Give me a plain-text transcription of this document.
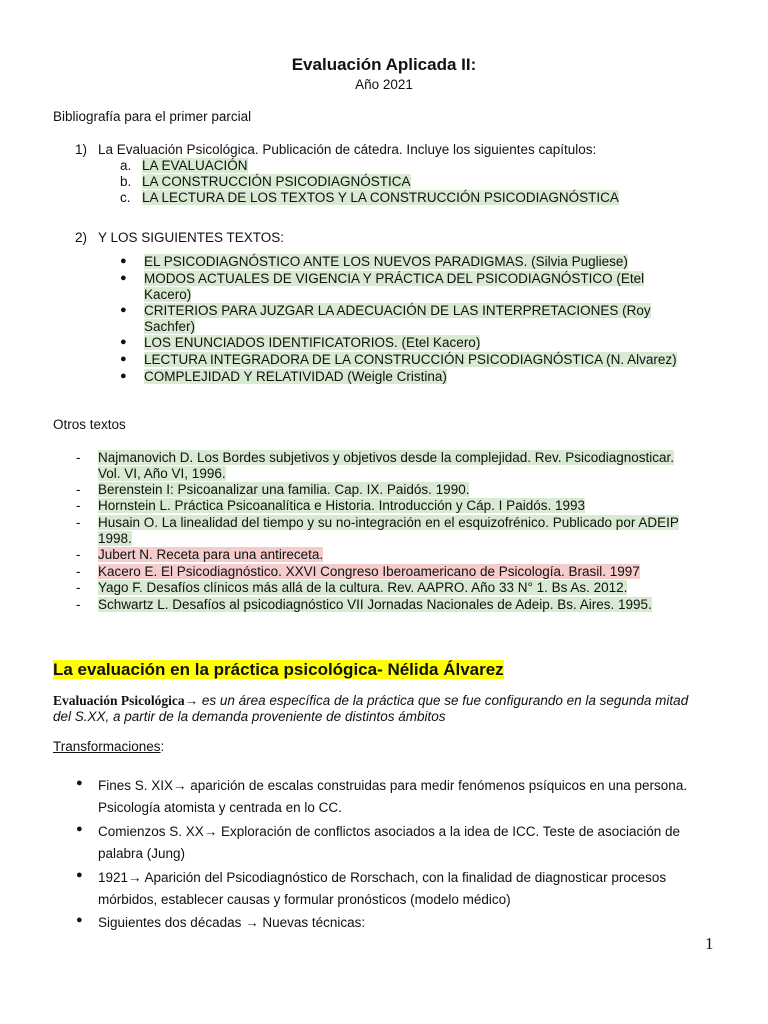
Evaluación Aplicada II:
Año 2021
Bibliografía para el primer parcial
1) La Evaluación Psicológica. Publicación de cátedra. Incluye los siguientes capítulos:
a. LA EVALUACIÓN
b. LA CONSTRUCCIÓN PSICODIAGNÓSTICA
c. LA LECTURA DE LOS TEXTOS Y LA CONSTRUCCIÓN PSICODIAGNÓSTICA
2) Y LOS SIGUIENTES TEXTOS:
● EL PSICODIAGNÓSTICO ANTE LOS NUEVOS PARADIGMAS. (Silvia Pugliese)
● MODOS ACTUALES DE VIGENCIA Y PRÁCTICA DEL PSICODIAGNÓSTICO (Etel
Kacero)
● CRITERIOS PARA JUZGAR LA ADECUACIÓN DE LAS INTERPRETACIONES (Roy
Sachfer)
● LOS ENUNCIADOS IDENTIFICATORIOS. (Etel Kacero)
● LECTURA INTEGRADORA DE LA CONSTRUCCIÓN PSICODIAGNÓSTICA (N. Alvarez)
● COMPLEJIDAD Y RELATIVIDAD (Weigle Cristina)
Otros textos
- Najmanovich D. Los Bordes subjetivos y objetivos desde la complejidad. Rev. Psicodiagnosticar.
Vol. VI, Año VI, 1996.
- Berenstein I: Psicoanalizar una familia. Cap. IX. Paidós. 1990.
- Hornstein L. Práctica Psicoanalítica e Historia. Introducción y Cáp. I Paidós. 1993
- Husain O. La linealidad del tiempo y su no-integración en el esquizofrénico. Publicado por ADEIP
1998.
- Jubert N. Receta para una antireceta.
- Kacero E. El Psicodiagnóstico. XXVI Congreso Iberoamericano de Psicología. Brasil. 1997
- Yago F. Desafíos clínicos más allá de la cultura. Rev. AAPRO. Año 33 N° 1. Bs As. 2012.
- Schwartz L. Desafíos al psicodiagnóstico VII Jornadas Nacionales de Adeip. Bs. Aires. 1995.
La evaluación en la práctica psicológica- Nélida Álvarez
Evaluación Psicológica→ es un área específica de la práctica que se fue configurando en la segunda mitad
del S.XX, a partir de la demanda proveniente de distintos ámbitos
Transformaciones:
● Fines S. XIX→ aparición de escalas construidas para medir fenómenos psíquicos en una persona.
Psicología atomista y centrada en lo CC.
● Comienzos S. XX→ Exploración de conflictos asociados a la idea de ICC. Teste de asociación de
palabra (Jung)
● 1921→ Aparición del Psicodiagnóstico de Rorschach, con la finalidad de diagnosticar procesos
mórbidos, establecer causas y formular pronósticos (modelo médico)
● Siguientes dos décadas → Nuevas técnicas:
1
